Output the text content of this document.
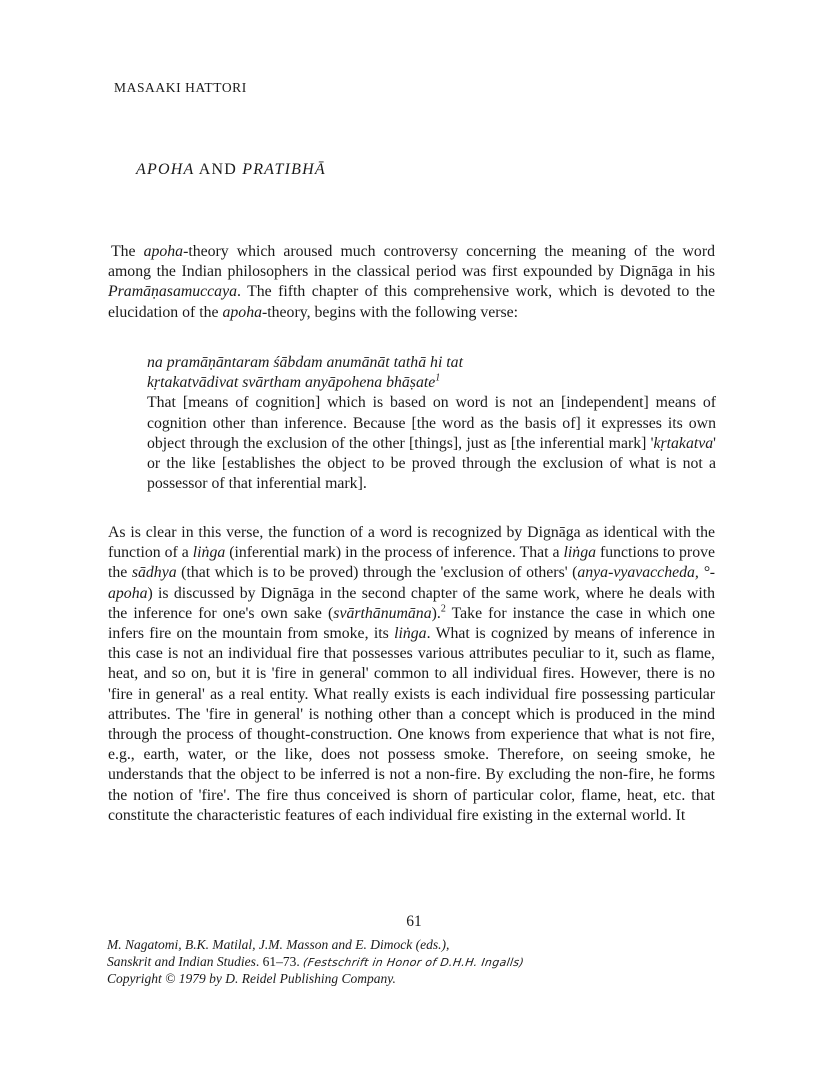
MASAAKI HATTORI
APOHA AND PRATIBHĀ

The apoha-theory which aroused much controversy concerning the meaning of the word among the Indian philosophers in the classical period was first expounded by Dignāga in his Pramāṇasamuccaya. The fifth chapter of this comprehensive work, which is devoted to the elucidation of the apoha-theory, begins with the following verse:

na pramāṇāntaram śābdam anumānāt tathā hi tat
kṛtakatvādivat svārtham anyāpohena bhāṣate$^1$
That [means of cognition] which is based on word is not an [independent] means of cognition other than inference. Because [the word as the basis of] it expresses its own object through the exclusion of the other [things], just as [the inferential mark] 'kṛtakatva' or the like [establishes the object to be proved through the exclusion of what is not a possessor of that inferential mark].

As is clear in this verse, the function of a word is recognized by Dignāga as identical with the function of a liṅga (inferential mark) in the process of inference. That a liṅga functions to prove the sādhya (that which is to be proved) through the 'exclusion of others' (anya-vyavaccheda, °-apoha) is discussed by Dignāga in the second chapter of the same work, where he deals with the inference for one's own sake (svārthānumāna).$^2$ Take for instance the case in which one infers fire on the mountain from smoke, its liṅga. What is cognized by means of inference in this case is not an individual fire that possesses various attributes peculiar to it, such as flame, heat, and so on, but it is 'fire in general' common to all individual fires. However, there is no 'fire in general' as a real entity. What really exists is each individual fire possessing particular attributes. The 'fire in general' is nothing other than a concept which is produced in the mind through the process of thought-construction. One knows from experience that what is not fire, e.g., earth, water, or the like, does not possess smoke. Therefore, on seeing smoke, he understands that the object to be inferred is not a non-fire. By excluding the non-fire, he forms the notion of 'fire'. The fire thus conceived is shorn of particular color, flame, heat, etc. that constitute the characteristic features of each individual fire existing in the external world. It

61
M. Nagatomi, B.K. Matilal, J.M. Masson and E. Dimock (eds.),
Sanskrit and Indian Studies. 61–73. (Festschrift in Honor of D.H.H. Ingalls)
Copyright © 1979 by D. Reidel Publishing Company.
